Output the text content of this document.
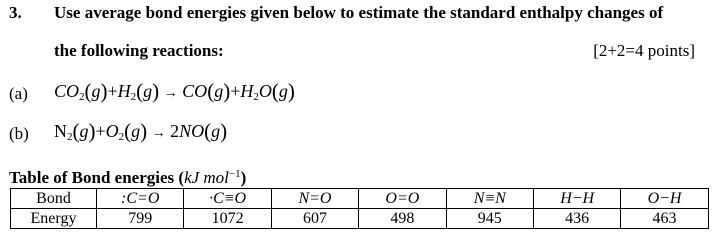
3. Use average bond energies given below to estimate the standard enthalpy changes of
the following reactions:	[2+2=4 points]
(a) $CO_2(g)+H_2(g) \to CO(g)+H_2O(g)$
(b) $N_2(g)+O_2(g) \to 2NO(g)$
Table of Bond energies (kJ mol$^{-1}$)
Bond	:C=O	·C≡O	N=O	O=O	N≡N	H−H	O−H
Energy	799	1072	607	498	945	436	463
